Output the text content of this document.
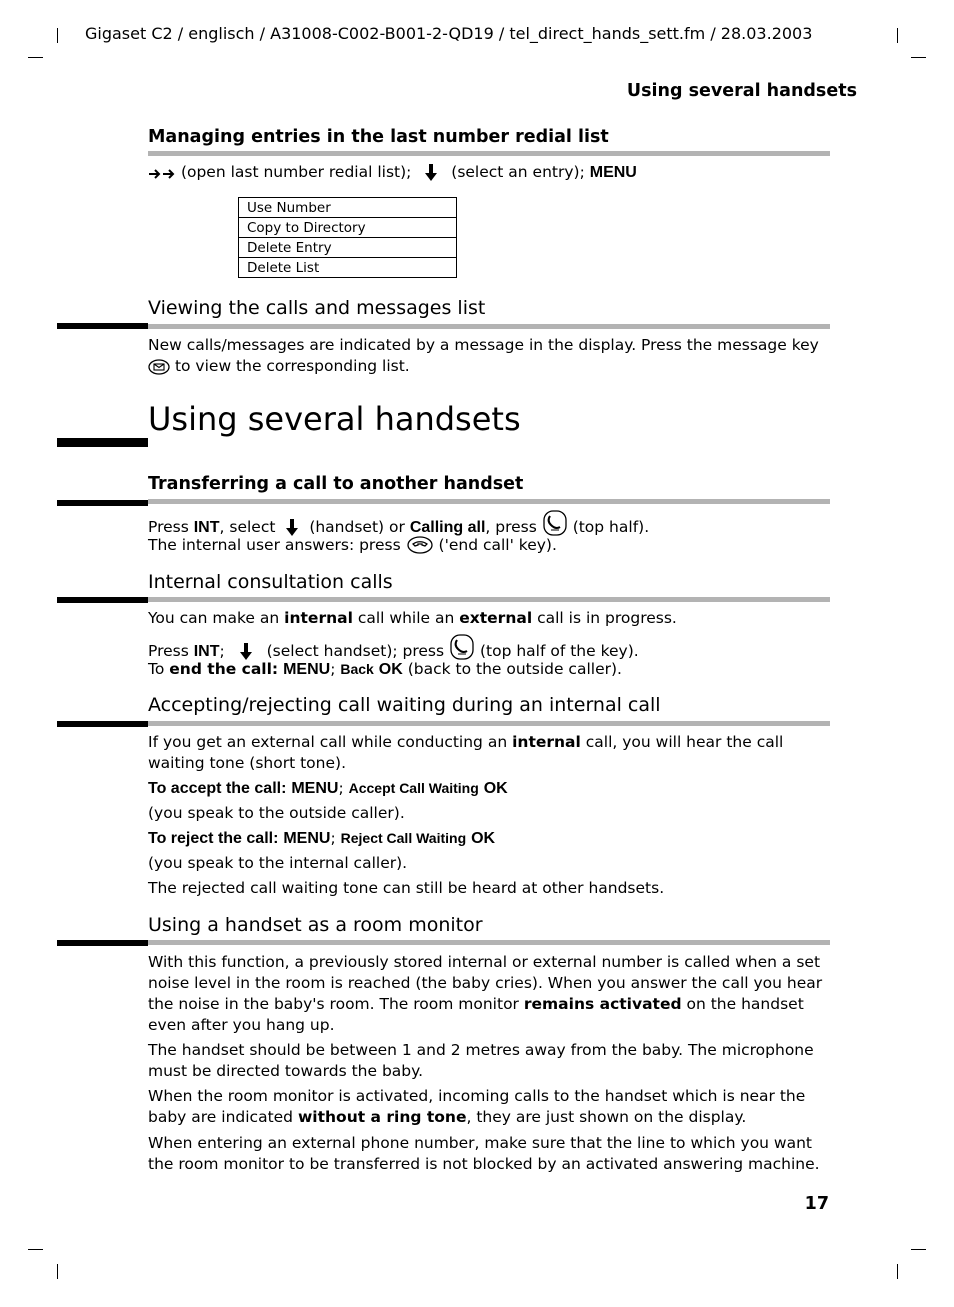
Gigaset C2 / englisch / A31008-C002-B001-2-QD19 / tel_direct_hands_sett.fm / 28.03.2003
Using several handsets
Managing entries in the last number redial list
(open last number redial list);	(select an entry); MENU
Use Number
Copy to Directory
Delete Entry
Delete List
Viewing the calls and messages list

New calls/messages are indicated by a message in the display. Press the message key  to view the corresponding list.

Using several handsets
Transferring a call to another handset
Press INT, select (handset) or Calling all, press (top half).
The internal user answers: press ('end call' key).
Internal consultation calls
You can make an internal call while an external call is in progress.
Press INT;	(select handset); press (top half of the key).
To end the call: MENU; Back OK (back to the outside caller).
Accepting/rejecting call waiting during an internal call

If you get an external call while conducting an internal call, you will hear the call waiting tone (short tone).

To accept the call: MENU; Accept Call Waiting OK
(you speak to the outside caller).
To reject the call: MENU; Reject Call Waiting OK
(you speak to the internal caller).
The rejected call waiting tone can still be heard at other handsets.
Using a handset as a room monitor

With this function, a previously stored internal or external number is called when a set noise level in the room is reached (the baby cries). When you answer the call you hear the noise in the baby's room. The room monitor remains activated on the handset even after you hang up.

The handset should be between 1 and 2 metres away from the baby. The microphone must be directed towards the baby.

When the room monitor is activated, incoming calls to the handset which is near the baby are indicated without a ring tone, they are just shown on the display.

When entering an external phone number, make sure that the line to which you want the room monitor to be transferred is not blocked by an activated answering machine.

17
